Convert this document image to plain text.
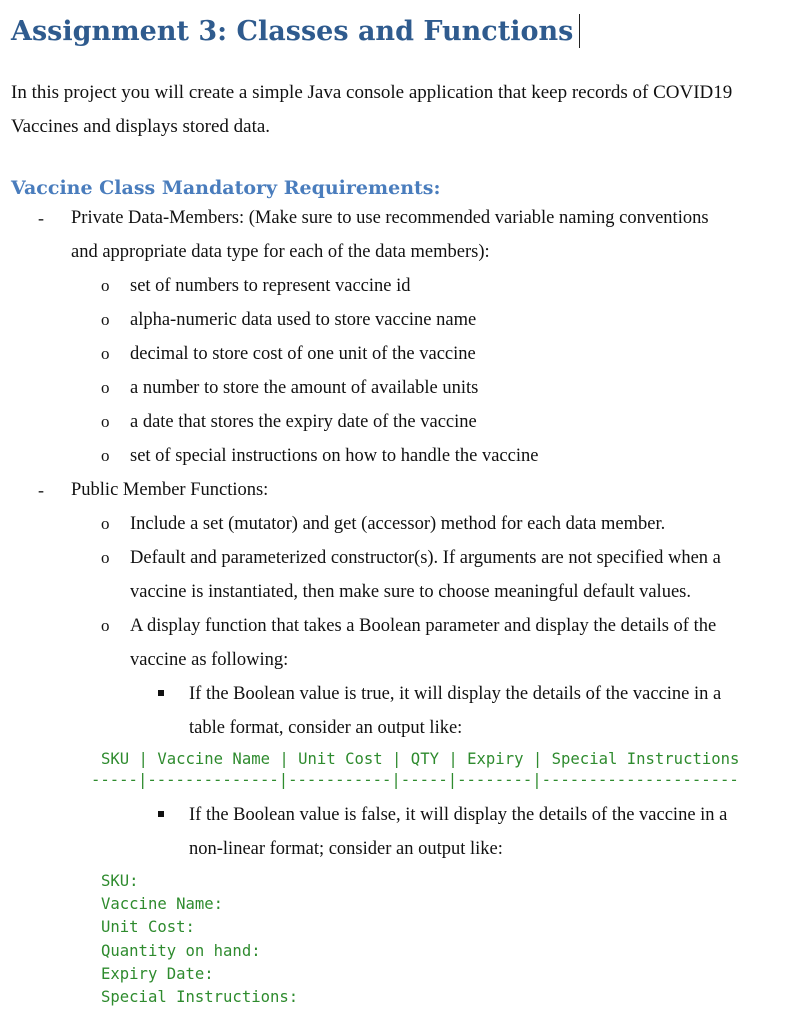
Assignment 3: Classes and Functions
In this project you will create a simple Java console application that keep records of COVID19
Vaccines and displays stored data.
Vaccine Class Mandatory Requirements:
- Private Data-Members: (Make sure to use recommended variable naming conventions
and appropriate data type for each of the data members):
o set of numbers to represent vaccine id
o alpha-numeric data used to store vaccine name
o decimal to store cost of one unit of the vaccine
o a number to store the amount of available units
o a date that stores the expiry date of the vaccine
o set of special instructions on how to handle the vaccine
- Public Member Functions:
o Include a set (mutator) and get (accessor) method for each data member.
o Default and parameterized constructor(s). If arguments are not specified when a
vaccine is instantiated, then make sure to choose meaningful default values.
o A display function that takes a Boolean parameter and display the details of the
vaccine as following:
If the Boolean value is true, it will display the details of the vaccine in a
table format, consider an output like:
SKU | Vaccine Name | Unit Cost | QTY | Expiry | Special Instructions
-----|--------------|-----------|-----|--------|---------------------
If the Boolean value is false, it will display the details of the vaccine in a
non-linear format; consider an output like:
SKU:
Vaccine Name:
Unit Cost:
Quantity on hand:
Expiry Date:
Special Instructions:
